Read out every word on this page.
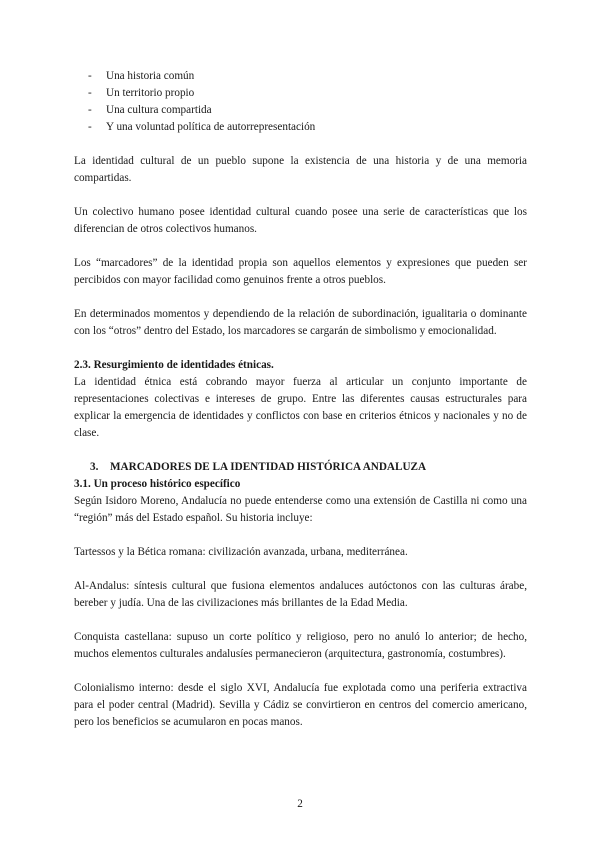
- Una historia común
- Un territorio propio
- Una cultura compartida
- Y una voluntad política de autorrepresentación

La identidad cultural de un pueblo supone la existencia de una historia y de una memoria compartidas.

Un colectivo humano posee identidad cultural cuando posee una serie de características que los diferencian de otros colectivos humanos.

Los “marcadores” de la identidad propia son aquellos elementos y expresiones que pueden ser percibidos con mayor facilidad como genuinos frente a otros pueblos.

En determinados momentos y dependiendo de la relación de subordinación, igualitaria o dominante con los “otros” dentro del Estado, los marcadores se cargarán de simbolismo y emocionalidad.

2.3. Resurgimiento de identidades étnicas.

La identidad étnica está cobrando mayor fuerza al articular un conjunto importante de representaciones colectivas e intereses de grupo. Entre las diferentes causas estructurales para explicar la emergencia de identidades y conflictos con base en criterios étnicos y nacionales y no de clase.

3. MARCADORES DE LA IDENTIDAD HISTÓRICA ANDALUZA

3.1. Un proceso histórico específico

Según Isidoro Moreno, Andalucía no puede entenderse como una extensión de Castilla ni como una “región” más del Estado español. Su historia incluye:

Tartessos y la Bética romana: civilización avanzada, urbana, mediterránea.

Al-Andalus: síntesis cultural que fusiona elementos andaluces autóctonos con las culturas árabe, bereber y judía. Una de las civilizaciones más brillantes de la Edad Media.

Conquista castellana: supuso un corte político y religioso, pero no anuló lo anterior; de hecho, muchos elementos culturales andalusíes permanecieron (arquitectura, gastronomía, costumbres).

Colonialismo interno: desde el siglo XVI, Andalucía fue explotada como una periferia extractiva para el poder central (Madrid). Sevilla y Cádiz se convirtieron en centros del comercio americano, pero los beneficios se acumularon en pocas manos.

2
